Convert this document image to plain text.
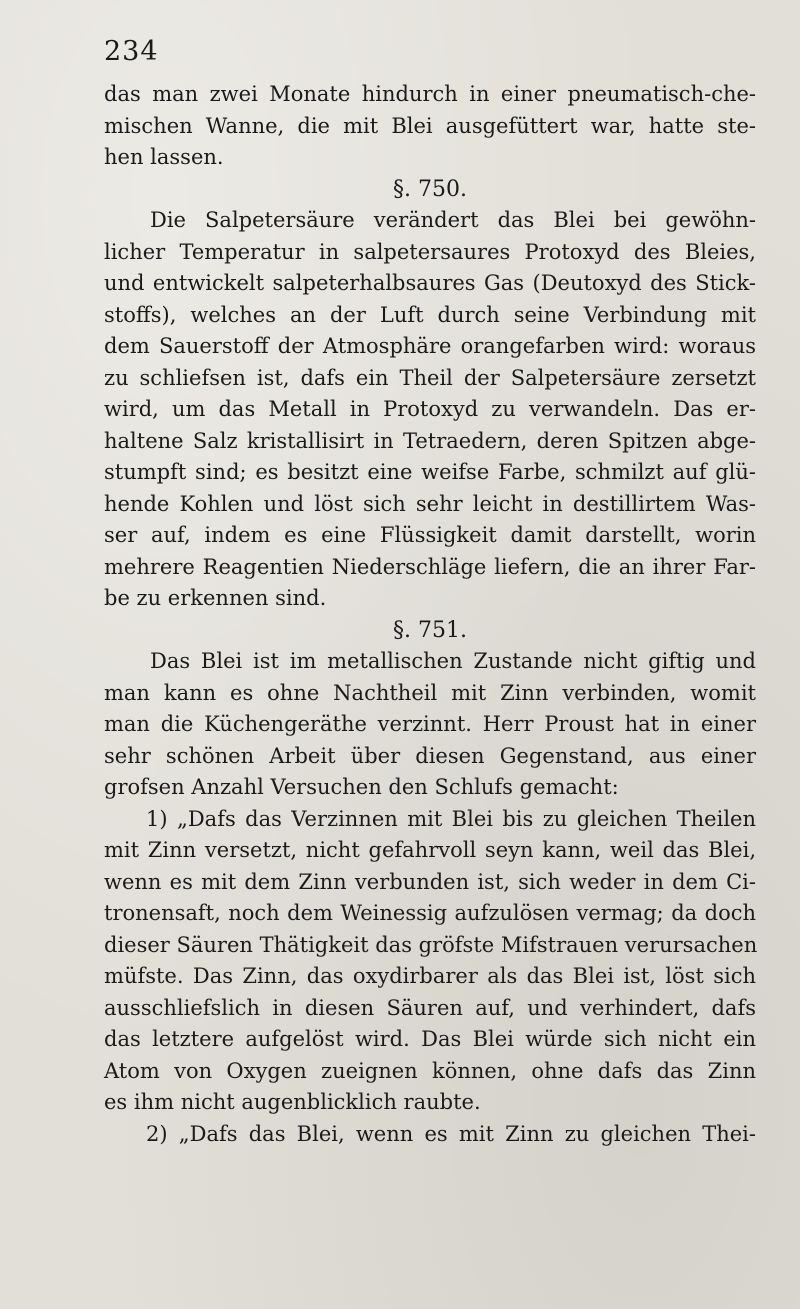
234
das man zwei Monate hindurch in einer pneumatisch-che-
mischen Wanne, die mit Blei ausgefüttert war, hatte ste-
hen lassen.
§. 750.
Die Salpetersäure verändert das Blei bei gewöhn-
licher Temperatur in salpetersaures Protoxyd des Bleies,
und entwickelt salpeterhalbsaures Gas (Deutoxyd des Stick-
stoffs), welches an der Luft durch seine Verbindung mit
dem Sauerstoff der Atmosphäre orangefarben wird: woraus
zu schliefsen ist, dafs ein Theil der Salpetersäure zersetzt
wird, um das Metall in Protoxyd zu verwandeln. Das er-
haltene Salz kristallisirt in Tetraedern, deren Spitzen abge-
stumpft sind; es besitzt eine weifse Farbe, schmilzt auf glü-
hende Kohlen und löst sich sehr leicht in destillirtem Was-
ser auf, indem es eine Flüssigkeit damit darstellt, worin
mehrere Reagentien Niederschläge liefern, die an ihrer Far-
be zu erkennen sind.
§. 751.
Das Blei ist im metallischen Zustande nicht giftig und
man kann es ohne Nachtheil mit Zinn verbinden, womit
man die Küchengeräthe verzinnt. Herr Proust hat in einer
sehr schönen Arbeit über diesen Gegenstand, aus einer
grofsen Anzahl Versuchen den Schlufs gemacht:
1) „Dafs das Verzinnen mit Blei bis zu gleichen Theilen
mit Zinn versetzt, nicht gefahrvoll seyn kann, weil das Blei,
wenn es mit dem Zinn verbunden ist, sich weder in dem Ci-
tronensaft, noch dem Weinessig aufzulösen vermag; da doch
dieser Säuren Thätigkeit das gröfste Mifstrauen verursachen
müfste. Das Zinn, das oxydirbarer als das Blei ist, löst sich
ausschliefslich in diesen Säuren auf, und verhindert, dafs
das letztere aufgelöst wird. Das Blei würde sich nicht ein
Atom von Oxygen zueignen können, ohne dafs das Zinn
es ihm nicht augenblicklich raubte.
2) „Dafs das Blei, wenn es mit Zinn zu gleichen Thei-
